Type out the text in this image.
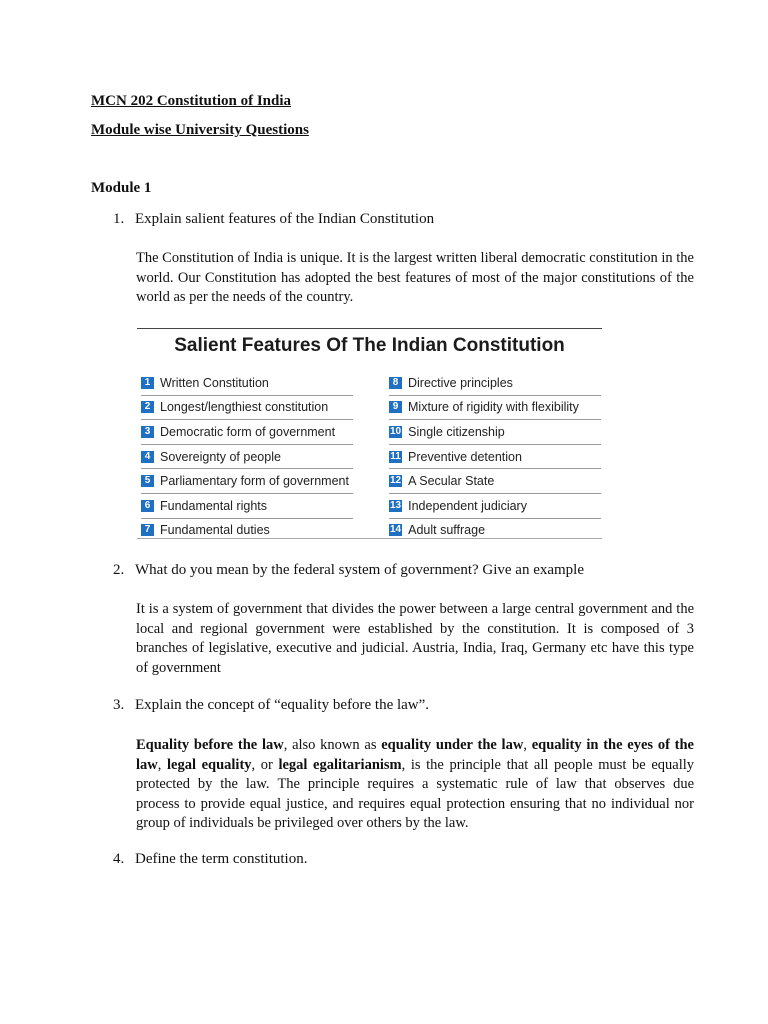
MCN 202 Constitution of India
Module wise University Questions
Module 1
1. Explain salient features of the Indian Constitution
The Constitution of India is unique. It is the largest written liberal democratic constitution in the world. Our Constitution has adopted the best features of most of the major constitutions of the world as per the needs of the country.
Salient Features Of The Indian Constitution
1 Written Constitution
2 Longest/lengthiest constitution
3 Democratic form of government
4 Sovereignty of people
5 Parliamentary form of government
6 Fundamental rights
7 Fundamental duties
8 Directive principles
9 Mixture of rigidity with flexibility
10 Single citizenship
11 Preventive detention
12 A Secular State
13 Independent judiciary
14 Adult suffrage
2. What do you mean by the federal system of government? Give an example
It is a system of government that divides the power between a large central government and the local and regional government were established by the constitution. It is composed of 3 branches of legislative, executive and judicial. Austria, India, Iraq, Germany etc have this type of government
3. Explain the concept of “equality before the law”.
Equality before the law, also known as equality under the law, equality in the eyes of the law, legal equality, or legal egalitarianism, is the principle that all people must be equally protected by the law. The principle requires a systematic rule of law that observes due process to provide equal justice, and requires equal protection ensuring that no individual nor group of individuals be privileged over others by the law.
4. Define the term constitution.
